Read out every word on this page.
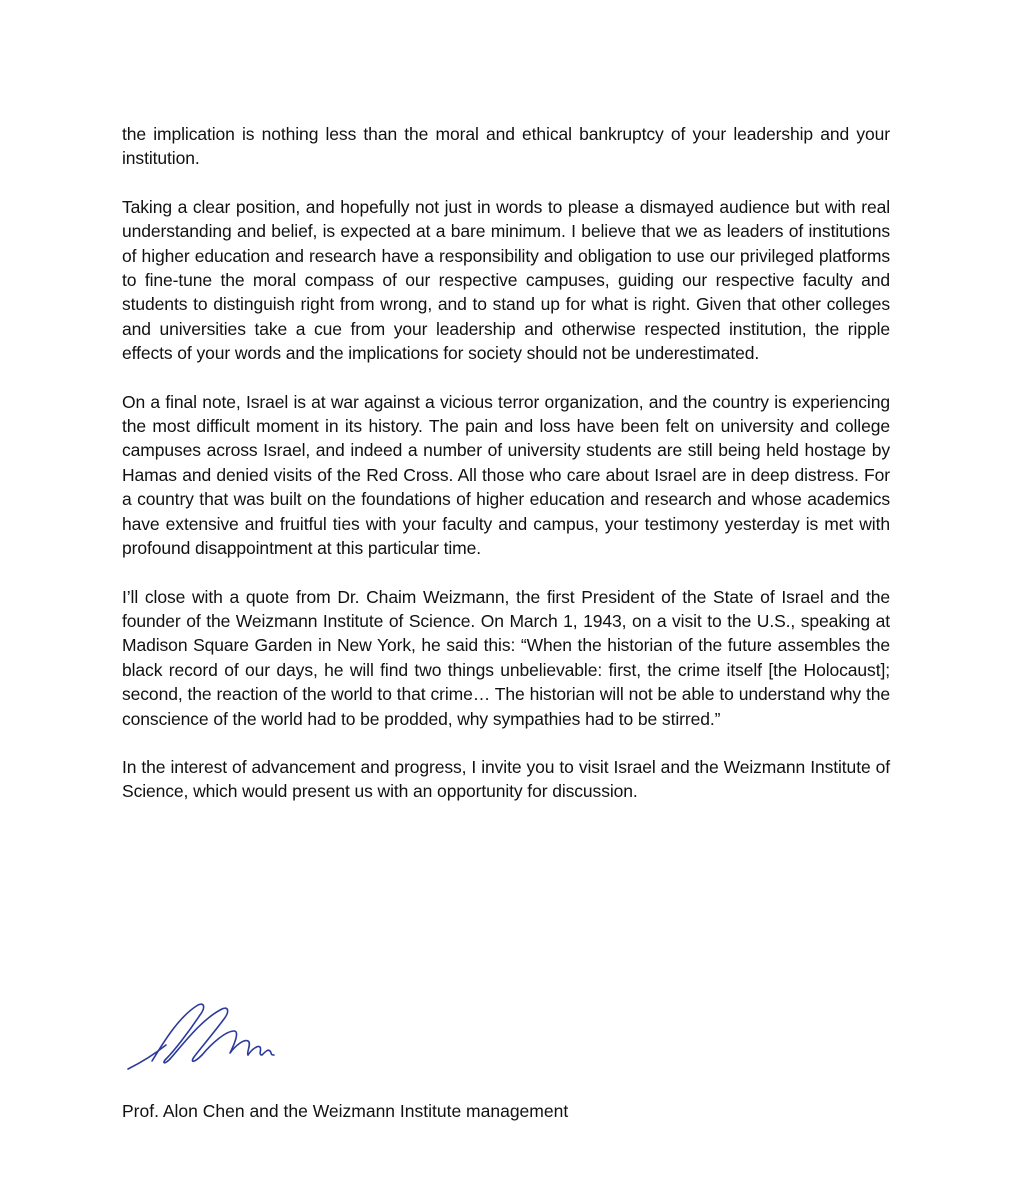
the implication is nothing less than the moral and ethical bankruptcy of your leadership and your institution.

Taking a clear position, and hopefully not just in words to please a dismayed audience but with real understanding and belief, is expected at a bare minimum. I believe that we as leaders of institutions of higher education and research have a responsibility and obligation to use our privileged platforms to fine-tune the moral compass of our respective campuses, guiding our respective faculty and students to distinguish right from wrong, and to stand up for what is right. Given that other colleges and universities take a cue from your leadership and otherwise respected institution, the ripple effects of your words and the implications for society should not be underestimated.

On a final note, Israel is at war against a vicious terror organization, and the country is experiencing the most difficult moment in its history. The pain and loss have been felt on university and college campuses across Israel, and indeed a number of university students are still being held hostage by Hamas and denied visits of the Red Cross. All those who care about Israel are in deep distress. For a country that was built on the foundations of higher education and research and whose academics have extensive and fruitful ties with your faculty and campus, your testimony yesterday is met with profound disappointment at this particular time.

I’ll close with a quote from Dr. Chaim Weizmann, the first President of the State of Israel and the founder of the Weizmann Institute of Science. On March 1, 1943, on a visit to the U.S., speaking at Madison Square Garden in New York, he said this: “When the historian of the future assembles the black record of our days, he will find two things unbelievable: first, the crime itself [the Holocaust]; second, the reaction of the world to that crime… The historian will not be able to understand why the conscience of the world had to be prodded, why sympathies had to be stirred.”

In the interest of advancement and progress, I invite you to visit Israel and the Weizmann Institute of Science, which would present us with an opportunity for discussion.

Prof. Alon Chen and the Weizmann Institute management
